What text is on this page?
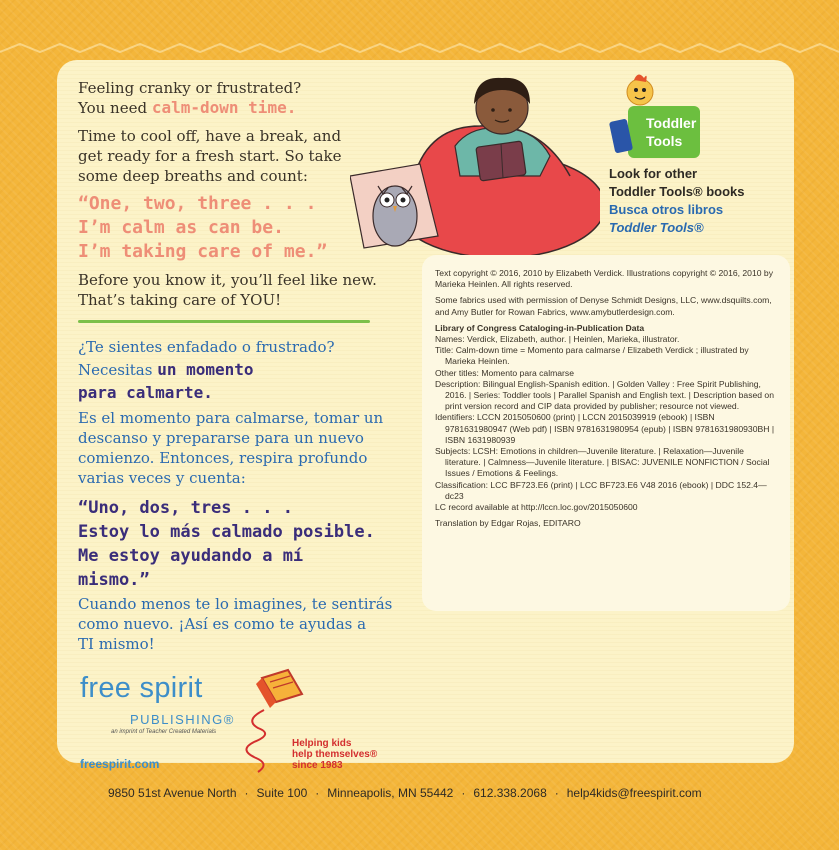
Feeling cranky or frustrated?
You need calm-down time.
Time to cool off, have a break, and
get ready for a fresh start. So take
some deep breaths and count:
“One, two, three . . .
I’m calm as can be.
I’m taking care of me.”
Before you know it, you’ll feel like new.
That’s taking care of YOU!
¿Te sientes enfadado o frustrado?
Necesitas un momento
para calmarte.
Es el momento para calmarse, tomar un
descanso y prepararse para un nuevo
comienzo. Entonces, respira profundo
varias veces y cuenta:
“Uno, dos, tres . . .
Estoy lo más calmado posible.
Me estoy ayudando a mí
mismo.”
Cuando menos te lo imagines, te sentirás
como nuevo. ¡Así es como te ayudas a
TI mismo!
Toddler
Tools
Look for other
Toddler Tools® books
Busca otros libros
Toddler Tools®

Text copyright © 2016, 2010 by Elizabeth Verdick. Illustrations copyright © 2016, 2010 by Marieka Heinlen. All rights reserved.

Some fabrics used with permission of Denyse Schmidt Designs, LLC, www.dsquilts.com, and Amy Butler for Rowan Fabrics, www.amybutlerdesign.com.

Library of Congress Cataloging-in-Publication Data

Names: Verdick, Elizabeth, author. | Heinlen, Marieka, illustrator.

Title: Calm-down time = Momento para calmarse / Elizabeth Verdick ; illustrated by Marieka Heinlen.

Other titles: Momento para calmarse

Description: Bilingual English-Spanish edition. | Golden Valley : Free Spirit Publishing, 2016. | Series: Toddler tools | Parallel Spanish and English text. | Description based on print version record and CIP data provided by publisher; resource not viewed.

Identifiers: LCCN 2015050600 (print) | LCCN 2015039919 (ebook) | ISBN 9781631980947 (Web pdf) | ISBN 9781631980954 (epub) | ISBN 9781631980930BH | ISBN 1631980939

Subjects: LCSH: Emotions in children—Juvenile literature. | Relaxation—Juvenile literature. | Calmness—Juvenile literature. | BISAC: JUVENILE NONFICTION / Social Issues / Emotions & Feelings.

Classification: LCC BF723.E6 (print) | LCC BF723.E6 V48 2016 (ebook) | DDC 152.4—dc23

LC record available at http://lccn.loc.gov/2015050600

Translation by Edgar Rojas, EDITARO

free spirit
PUBLISHING®
an imprint of Teacher Created Materials
freespirit.com
Helping kids
help themselves®
since 1983
9850 51st Avenue North · Suite 100 · Minneapolis, MN 55442 · 612.338.2068 · help4kids@freespirit.com
